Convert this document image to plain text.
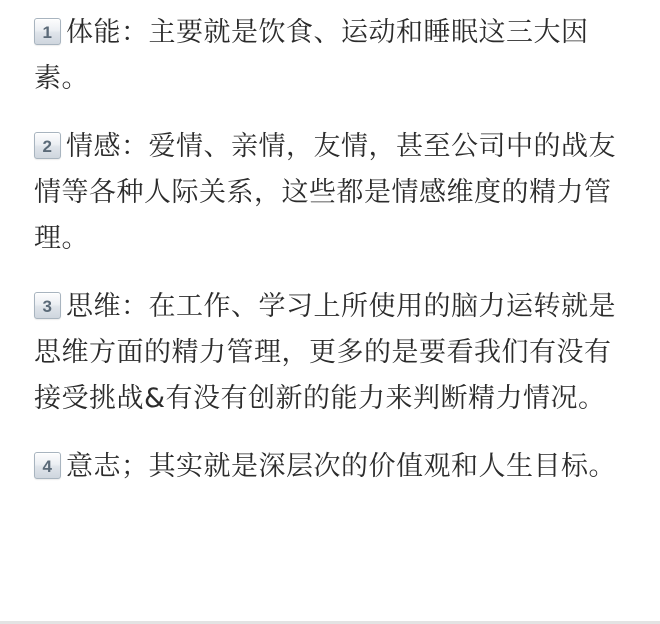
1 体能：主要就是饮食、运动和睡眠这三大因素。

2 情感：爱情、亲情，友情，甚至公司中的战友情等各种人际关系，这些都是情感维度的精力管理。

3 思维：在工作、学习上所使用的脑力运转就是思维方面的精力管理，更多的是要看我们有没有接受挑战&有没有创新的能力来判断精力情况。

4 意志；其实就是深层次的价值观和人生目标。
